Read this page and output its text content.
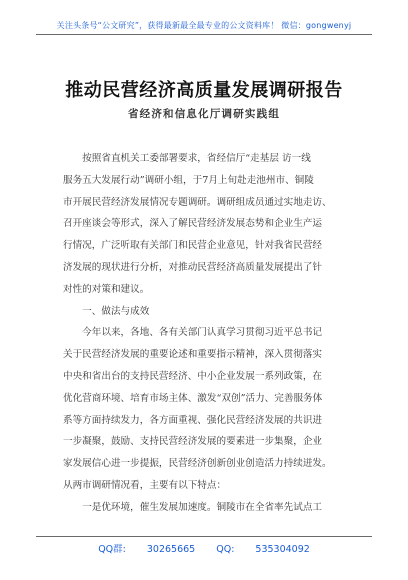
关注头条号“公文研究”，获得最新最全最专业的公文资料库！ 微信：gongwenyj
推动民营经济高质量发展调研报告
省经济和信息化厅调研实践组
　　按照省直机关工委部署要求，省经信厅“走基层 访一线
服务五大发展行动”调研小组，于7月上旬赴走池州市、铜陵
市开展民营经济发展情况专题调研。调研组成员通过实地走访、
召开座谈会等形式，深入了解民营经济发展态势和企业生产运
行情况，广泛听取有关部门和民营企业意见，针对我省民营经
济发展的现状进行分析，对推动民营经济高质量发展提出了针
对性的对策和建议。
　　一、做法与成效
　　今年以来，各地、各有关部门认真学习贯彻习近平总书记
关于民营经济发展的重要论述和重要指示精神，深入贯彻落实
中央和省出台的支持民营经济、中小企业发展一系列政策，在
优化营商环境、培育市场主体、激发“双创”活力、完善服务体
系等方面持续发力，各方面重视、强化民营经济发展的共识进
一步凝聚，鼓励、支持民营经济发展的要素进一步集聚，企业
家发展信心进一步提振，民营经济创新创业创造活力持续迸发。
从两市调研情况看，主要有以下特点：
　　一是优环境，催生发展加速度。铜陵市在全省率先试点工
QQ群: 30265665 QQ: 535304092
